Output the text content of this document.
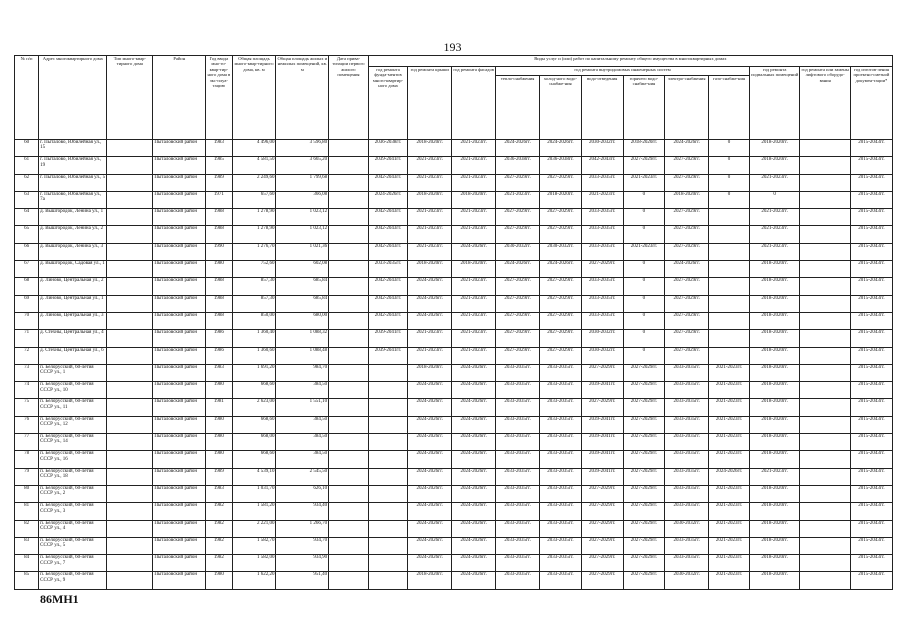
193
№ п/п	Адрес многоквартирного дома	Тип много-квар-тирного дома	Район	Год ввода мно-го-квар-тир-ного дома в экс-плуа-тацию	Общая площадь много-квар-тирного дома, кв. м	Общая площадь жилых и нежилых помещений, кв. м	Дата прива-тизации первого жилого помещения	Виды услуг и (или) работ по капитальному ремонту общего имущества в многоквартирных домах											
								год ремонта фунда-ментов много-квартир-ного дома	год ремонта крыши	год ремонта фасадов	год ремонта внутридомовых инженерных систем						год ремонта подвальных помещений	год ремонта или замены лифтового оборудо-вания	год изготов-ления проектно-сметной докумен-тации*
											тепло-снабжения	холод-ного водо-снабже-ния	водо-отведения	горячего водо-снабже-ния	электро-снабжения	газо-снабже-ния			
60	г. Пыталово, Юбилейная ул., 15		Пыталовский район	1983	4 496,00	3 596,80		2036-2038гг.	2018-2020гг.	2021-2023гг.	2024-2026гг.	2024-2026гг.	2030-2032гг.	2018-2020гг.	2024-2026гг.	0	2018-2020гг.		2015-2043гг.
61	г. Пыталово, Юбилейная ул., 19		Пыталовский район	1985	4 581,50	3 665,20		2039-2041гг.	2021-2023гг.	2021-2023гг.	2036-2038гг.	2036-2038гг.	2042-2043гг.	2027-2029гг.	2027-2029гг.	0	2018-2020гг.		2015-2043гг.
62	г. Пыталово, Юбилейная ул., 5		Пыталовский район	1989	2 249,60	1 799,68		2042-2043гг.	2021-2023гг.	2021-2023гг.	2027-2029гг.	2027-2029гг.	2033-2035гг.	2021-2023гг.	2027-2029гг.	0	2021-2023гг.		2015-2043гг.
63	г. Пыталово, Юбилейная ул., 7а		Пыталовский район	1971	657,60	366,08		2024-2026гг.	2018-2020гг.	2018-2020гг.	2021-2023гг.	2018-2020гг.	2021-2023гг.	0	2018-2020гг.	0	0		2015-2043гг.
64	д. Вышгородок, Ленина ул., 1		Пыталовский район	1988	1 278,90	1 023,12		2042-2043гг.	2021-2023гг.	2021-2023гг.	2027-2029гг.	2027-2029гг.	2033-2035гг.	0	2027-2029гг.		2021-2023гг.		2015-2043гг.
65	д. Вышгородок, Ленина ул., 2		Пыталовский район	1988	1 278,90	1 023,12		2042-2043гг.	2021-2023гг.	2021-2023гг.	2027-2029гг.	2027-2029гг.	2033-2035гг.	0	2027-2029гг.		2021-2023гг.		2015-2043гг.
66	д. Вышгородок, Ленина ул., 3		Пыталовский район	1990	1 276,70	1 021,36		2042-2043гг.	2021-2023гг.	2024-2026гг.	2030-2032гг.	2030-2032гг.	2033-2035гг.	2021-2023гг.	2027-2029гг.		2021-2023гг.		2015-2043гг.
67	д. Вышгородок, Садовая ул., 1		Пыталовский район	1980	752,60	602,08		2033-2035гг.	2018-2020гг.	2018-2020гг.	2024-2026гг.	2024-2026гг.	2027-2029гг.	0	2024-2026гг.		2018-2020гг.		2015-2043гг.
68	д. Линово, Центральная ул., 2		Пыталовский район	1988	857,30	685,84		2042-2043гг.	2024-2026гг.	2021-2023гг.	2027-2029гг.	2027-2029гг.	2033-2035гг.	0	2027-2029гг.		2018-2020гг.		2015-2043гг.
69	д. Линово, Центральная ул., 1		Пыталовский район	1988	857,30	685,84		2042-2043гг.	2024-2026гг.	2021-2023гг.	2027-2029гг.	2027-2029гг.	2033-2035гг.	0	2027-2029гг.		2018-2020гг.		2015-2043гг.
70	д. Линово, Центральная ул., 3		Пыталовский район	1988	850,00	680,00		2042-2043гг.	2024-2026гг.	2021-2023гг.	2027-2029гг.	2027-2029гг.	2033-2035гг.	0	2027-2029гг.		2018-2020гг.		2015-2043гг.
71	д. Стехны, Центральная ул., 4		Пыталовский район	1986	1 360,40	1 088,32		2039-2041гг.	2021-2023гг.	2021-2023гг.	2027-2029гг.	2027-2029гг.	2030-2032гг.	0	2027-2029гг.		2018-2020гг.		2015-2043гг.
72	д. Стехны, Центральная ул., 6		Пыталовский район	1986	1 360,60	1 088,48		2039-2041гг.	2021-2023гг.	2021-2023гг.	2027-2029гг.	2027-2029гг.	2030-2032гг.	0	2027-2029гг.		2018-2020гг.		2015-2043гг.
73	п. Белорусский, 60-летия СССР ул., 1		Пыталовский район	1983	1 691,20	984,70			2018-2020гг.	2024-2026гг.	2033-2035гг.	2033-2035гг.	2027-2029гг.	2027-2029гг.	2033-2035гг.	2021-2023гг.	2018-2020гг.		2015-2043гг.
74	п. Белорусский, 60-летия СССР ул., 10		Пыталовский район	1980	668,60	384,50			2024-2026гг.	2024-2026гг.	2033-2035гг.	2033-2035гг.	2039-2041гг.	2027-2029гг.	2033-2035гг.	2021-2023гг.	2018-2020гг.		2015-2043гг.
75	п. Белорусский, 60-летия СССР ул., 11		Пыталовский район	1981	2 623,00	1 551,10			2024-2026гг.	2024-2026гг.	2033-2035гг.	2033-2035гг.	2027-2029гг.	2027-2029гг.	2033-2035гг.	2021-2023гг.	2018-2020гг.		2015-2043гг.
76	п. Белорусский, 60-летия СССР ул., 12		Пыталовский район	1980	668,60	384,50			2024-2026гг.	2024-2026гг.	2033-2035гг.	2033-2035гг.	2039-2041гг.	2027-2029гг.	2033-2035гг.	2021-2023гг.	2018-2020гг.		2015-2043гг.
77	п. Белорусский, 60-летия СССР ул., 14		Пыталовский район	1980	668,00	384,50			2024-2026гг.	2024-2026гг.	2033-2035гг.	2033-2035гг.	2039-2041гг.	2027-2029гг.	2033-2035гг.	2021-2023гг.	2018-2020гг.		2015-2043гг.
78	п. Белорусский, 60-летия СССР ул., 16		Пыталовский район	1980	668,60	384,50			2024-2026гг.	2024-2026гг.	2033-2035гг.	2033-2035гг.	2039-2041гг.	2027-2029гг.	2033-2035гг.	2021-2023гг.	2018-2020гг.		2015-2043гг.
79	п. Белорусский, 60-летия СССР ул., 18		Пыталовский район	1989	4 539,10	2 545,50			2024-2026гг.	2024-2026гг.	2033-2035гг.	2033-2035гг.	2039-2041гг.	2027-2029гг.	2033-2035гг.	2024-2026гг.	2021-2023гг.		2015-2043гг.
80	п. Белорусский, 60-летия СССР ул., 2		Пыталовский район	1983	1 031,70	626,10			2024-2026гг.	2024-2026гг.	2033-2035гг.	2033-2035гг.	2027-2029гг.	2027-2029гг.	2033-2035гг.	2021-2023гг.	2018-2020гг.		2015-2043гг.
81	п. Белорусский, 60-летия СССР ул., 3		Пыталовский район	1982	1 581,20	934,40			2024-2026гг.	2024-2026гг.	2033-2035гг.	2033-2035гг.	2027-2029гг.	2027-2029гг.	2033-2035гг.	2021-2023гг.	2018-2020гг.		2015-2043гг.
82	п. Белорусский, 60-летия СССР ул., 4		Пыталовский район	1982	2 221,00	1 266,70			2024-2026гг.	2024-2026гг.	2033-2035гг.	2033-2035гг.	2027-2029гг.	2027-2029гг.	2030-2032гг.	2021-2023гг.	2018-2020гг.		2015-2043гг.
83	п. Белорусский, 60-летия СССР ул., 5		Пыталовский район	1982	1 582,70	934,70			2024-2026гг.	2024-2026гг.	2033-2035гг.	2033-2035гг.	2027-2029гг.	2027-2029гг.	2033-2035гг.	2021-2023гг.	2018-2020гг.		2015-2043гг.
84	п. Белорусский, 60-летия СССР ул., 7		Пыталовский район	1982	1 582,00	934,90			2024-2026гг.	2024-2026гг.	2033-2035гг.	2033-2035гг.	2027-2029гг.	2027-2029гг.	2033-2035гг.	2021-2023гг.	2018-2020гг.		2015-2043гг.
85	п. Белорусский, 60-летия СССР ул., 9		Пыталовский район	1980	1 622,20	951,40			2018-2020гг.	2024-2026гг.	2033-2035гг.	2033-2035гг.	2027-2029гг.	2027-2029гг.	2030-2032гг.	2021-2023гг.	2018-2020гг.		2015-2043гг.
86МН1
